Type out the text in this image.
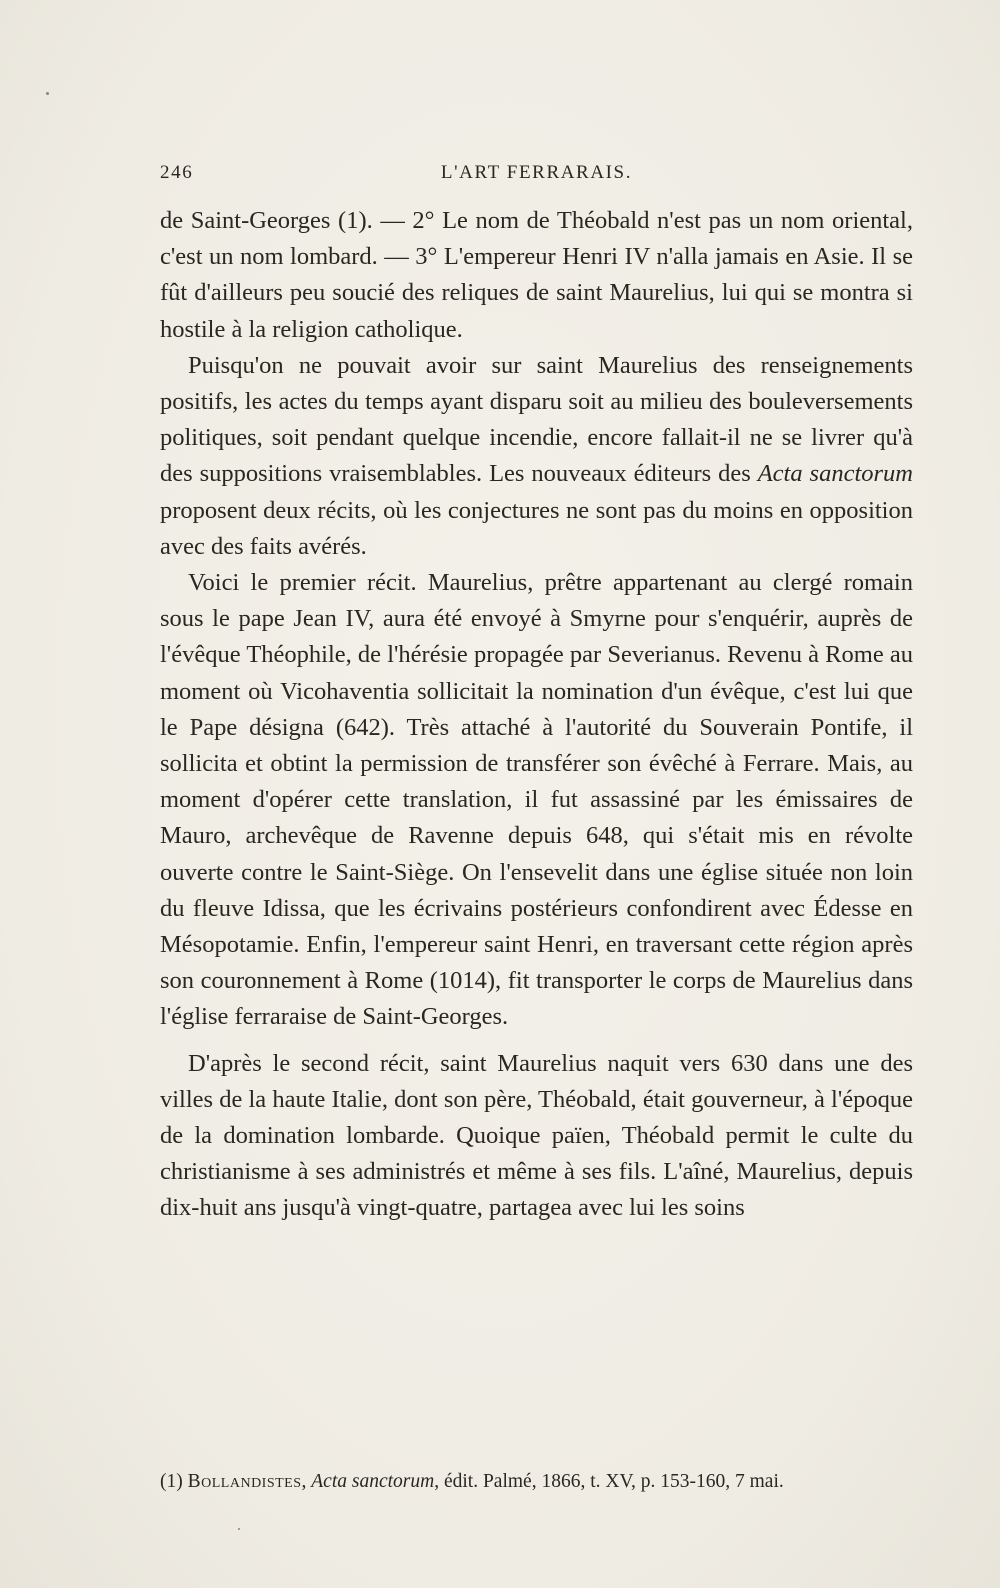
246	L'ART FERRARAIS.

de Saint-Georges (1). — 2° Le nom de Théobald n'est pas un nom oriental, c'est un nom lombard. — 3° L'empereur Henri IV n'alla jamais en Asie. Il se fût d'ailleurs peu soucié des reliques de saint Maurelius, lui qui se montra si hostile à la religion catholique.

Puisqu'on ne pouvait avoir sur saint Maurelius des renseignements positifs, les actes du temps ayant disparu soit au milieu des bouleversements politiques, soit pendant quelque incendie, encore fallait-il ne se livrer qu'à des suppositions vraisemblables. Les nouveaux éditeurs des Acta sanctorum proposent deux récits, où les conjectures ne sont pas du moins en opposition avec des faits avérés.

Voici le premier récit. Maurelius, prêtre appartenant au clergé romain sous le pape Jean IV, aura été envoyé à Smyrne pour s'enquérir, auprès de l'évêque Théophile, de l'hérésie propagée par Severianus. Revenu à Rome au moment où Vicohaventia sollicitait la nomination d'un évêque, c'est lui que le Pape désigna (642). Très attaché à l'autorité du Souverain Pontife, il sollicita et obtint la permission de transférer son évêché à Ferrare. Mais, au moment d'opérer cette translation, il fut assassiné par les émissaires de Mauro, archevêque de Ravenne depuis 648, qui s'était mis en révolte ouverte contre le Saint-Siège. On l'ensevelit dans une église située non loin du fleuve Idissa, que les écrivains postérieurs confondirent avec Édesse en Mésopotamie. Enfin, l'empereur saint Henri, en traversant cette région après son couronnement à Rome (1014), fit transporter le corps de Maurelius dans l'église ferraraise de Saint-Georges.

D'après le second récit, saint Maurelius naquit vers 630 dans une des villes de la haute Italie, dont son père, Théobald, était gouverneur, à l'époque de la domination lombarde. Quoique païen, Théobald permit le culte du christianisme à ses administrés et même à ses fils. L'aîné, Maurelius, depuis dix-huit ans jusqu'à vingt-quatre, partagea avec lui les soins

(1) Bollandistes, Acta sanctorum, édit. Palmé, 1866, t. XV, p. 153-160, 7 mai.
